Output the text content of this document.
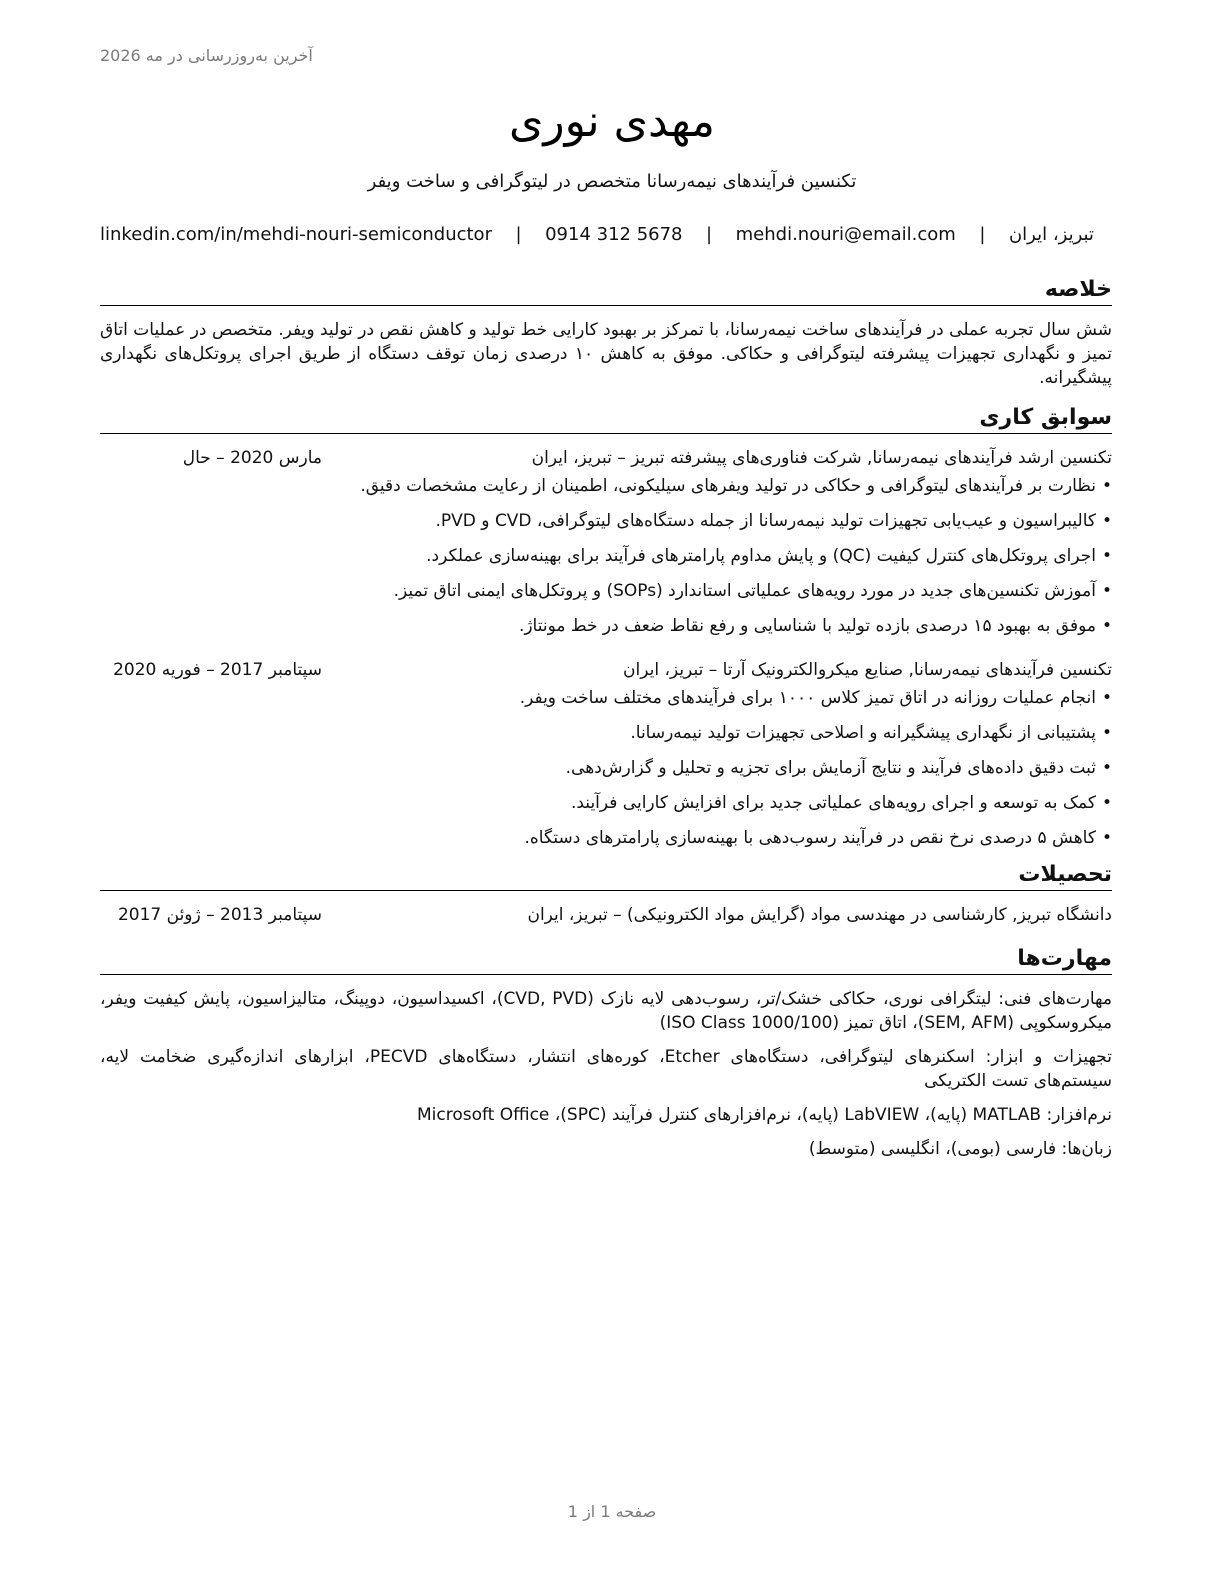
آخرین به‌روزرسانی در مه 2026
مهدی نوری
تکنسین فرآیندهای نیمه‌رسانا متخصص در لیتوگرافی و ساخت ویفر
تبریز، ایران
|
mehdi.nouri@email.com
|
0914 312 5678
|
linkedin.com/in/mehdi-nouri-semiconductor
خلاصه

شش سال تجربه عملی در فرآیندهای ساخت نیمه‌رسانا، با تمرکز بر بهبود کارایی خط تولید و کاهش نقص در تولید ویفر. متخصص در عملیات اتاق تمیز و نگهداری تجهیزات پیشرفته لیتوگرافی و حکاکی. موفق به کاهش ۱۰ درصدی زمان توقف دستگاه از طریق اجرای پروتکل‌های نگهداری پیشگیرانه.

سوابق کاری
تکنسین ارشد فرآیندهای نیمه‌رسانا, شرکت فناوری‌های پیشرفته تبریز – تبریز، ایران
مارس 2020 – حال
• نظارت بر فرآیندهای لیتوگرافی و حکاکی در تولید ویفرهای سیلیکونی، اطمینان از رعایت مشخصات دقیق.
• کالیبراسیون و عیب‌یابی تجهیزات تولید نیمه‌رسانا از جمله دستگاه‌های لیتوگرافی، CVD و PVD.
• اجرای پروتکل‌های کنترل کیفیت (QC) و پایش مداوم پارامترهای فرآیند برای بهینه‌سازی عملکرد.
• آموزش تکنسین‌های جدید در مورد رویه‌های عملیاتی استاندارد (SOPs) و پروتکل‌های ایمنی اتاق تمیز.
• موفق به بهبود ۱۵ درصدی بازده تولید با شناسایی و رفع نقاط ضعف در خط مونتاژ.
تکنسین فرآیندهای نیمه‌رسانا, صنایع میکروالکترونیک آرتا – تبریز، ایران
سپتامبر 2017 – فوریه 2020
• انجام عملیات روزانه در اتاق تمیز کلاس ۱۰۰۰ برای فرآیندهای مختلف ساخت ویفر.
• پشتیبانی از نگهداری پیشگیرانه و اصلاحی تجهیزات تولید نیمه‌رسانا.
• ثبت دقیق داده‌های فرآیند و نتایج آزمایش برای تجزیه و تحلیل و گزارش‌دهی.
• کمک به توسعه و اجرای رویه‌های عملیاتی جدید برای افزایش کارایی فرآیند.
• کاهش ۵ درصدی نرخ نقص در فرآیند رسوب‌دهی با بهینه‌سازی پارامترهای دستگاه.
تحصیلات
دانشگاه تبریز, کارشناسی در مهندسی مواد (گرایش مواد الکترونیکی) – تبریز، ایران
سپتامبر 2013 – ژوئن 2017
مهارت‌ها

مهارت‌های فنی: لیتگرافی نوری، حکاکی خشک/تر، رسوب‌دهی لایه نازک (CVD, PVD)، اکسیداسیون، دوپینگ، متالیزاسیون، پایش کیفیت ویفر، میکروسکوپی (SEM, AFM)، اتاق تمیز (ISO Class 1000/100)

تجهیزات و ابزار: اسکنرهای لیتوگرافی، دستگاه‌های Etcher، کوره‌های انتشار، دستگاه‌های PECVD، ابزارهای اندازه‌گیری ضخامت لایه، سیستم‌های تست الکتریکی

نرم‌افزار: MATLAB (پایه)، LabVIEW (پایه)، نرم‌افزارهای کنترل فرآیند (SPC)، Microsoft Office

زبان‌ها: فارسی (بومی)، انگلیسی (متوسط)

صفحه 1 از 1
